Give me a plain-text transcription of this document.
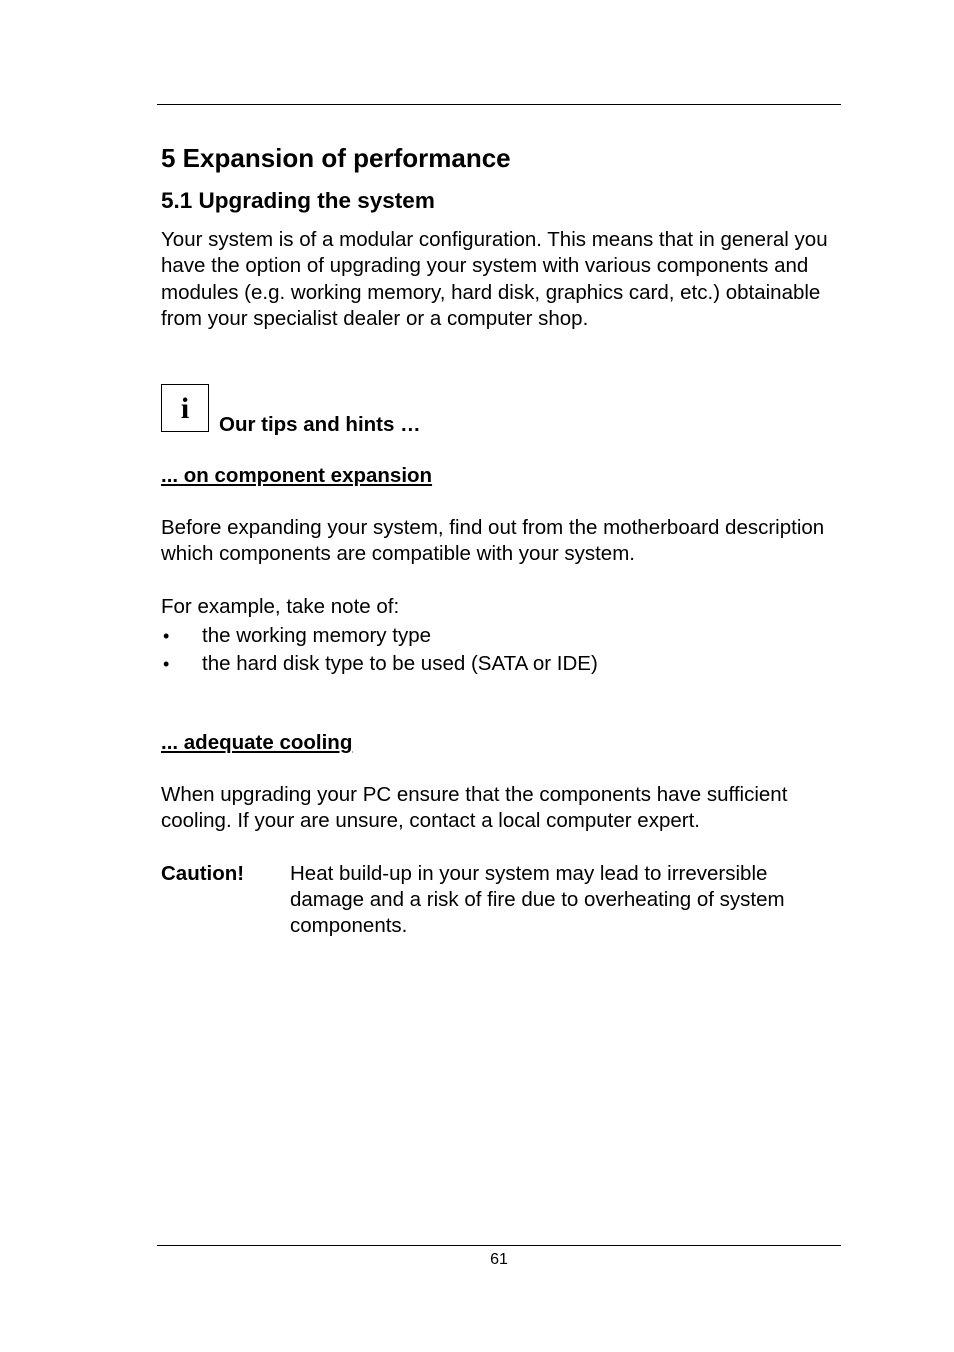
5 Expansion of performance
5.1 Upgrading the system

Your system is of a modular configuration. This means that in general you have the option of upgrading your system with various components and modules (e.g. working memory, hard disk, graphics card, etc.) obtainable from your specialist dealer or a computer shop.

i	Our tips and hints …

... on component expansion

Before expanding your system, find out from the motherboard description which components are compatible with your system.

For example, take note of:

• the working memory type
• the hard disk type to be used (SATA or IDE)

... adequate cooling

When upgrading your PC ensure that the components have sufficient cooling. If your are unsure, contact a local computer expert.

Caution! Heat build-up in your system may lead to irreversible damage and a risk of fire due to overheating of system components.
61
